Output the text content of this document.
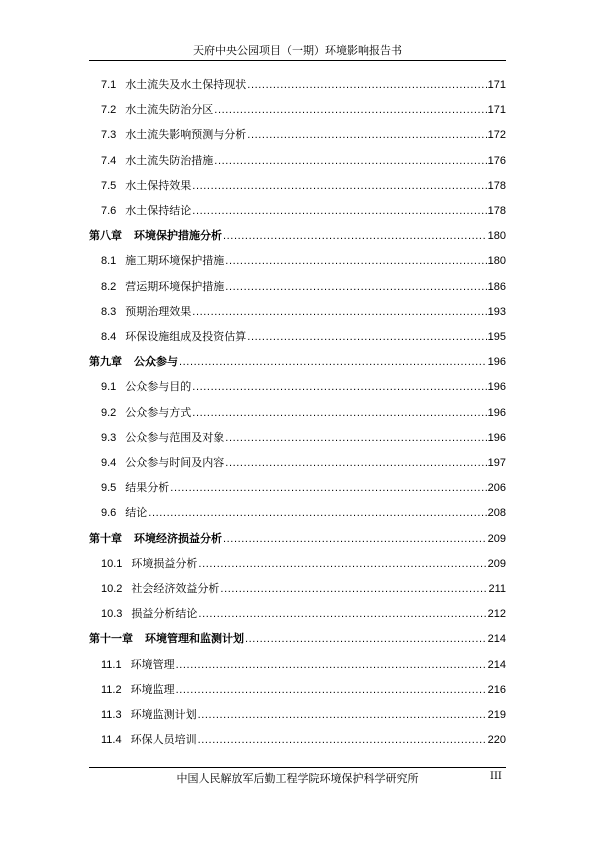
天府中央公园项目（一期）环境影响报告书
7.1 水土流失及水土保持现状 .....	171
7.2 水土流失防治分区 .....	171
7.3 水土流失影响预测与分析 .....	172
7.4 水土流失防治措施 .....	176
7.5 水土保持效果 .....	178
7.6 水土保持结论 .....	178
第八章 环境保护措施分析 .....	180
8.1 施工期环境保护措施 .....	180
8.2 营运期环境保护措施 .....	186
8.3 预期治理效果 .....	193
8.4 环保设施组成及投资估算 .....	195
第九章 公众参与 .....	196
9.1 公众参与目的 .....	196
9.2 公众参与方式 .....	196
9.3 公众参与范围及对象 .....	196
9.4 公众参与时间及内容 .....	197
9.5 结果分析 .....	206
9.6 结论 .....	208
第十章 环境经济损益分析 .....	209
10.1 环境损益分析 .....	209
10.2 社会经济效益分析 .....	211
10.3 损益分析结论 .....	212
第十一章 环境管理和监测计划 .....	214
11.1 环境管理 .....	214
11.2 环境监理 .....	216
11.3 环境监测计划 .....	219
11.4 环保人员培训 .....	220
中国人民解放军后勤工程学院环境保护科学研究所	III
